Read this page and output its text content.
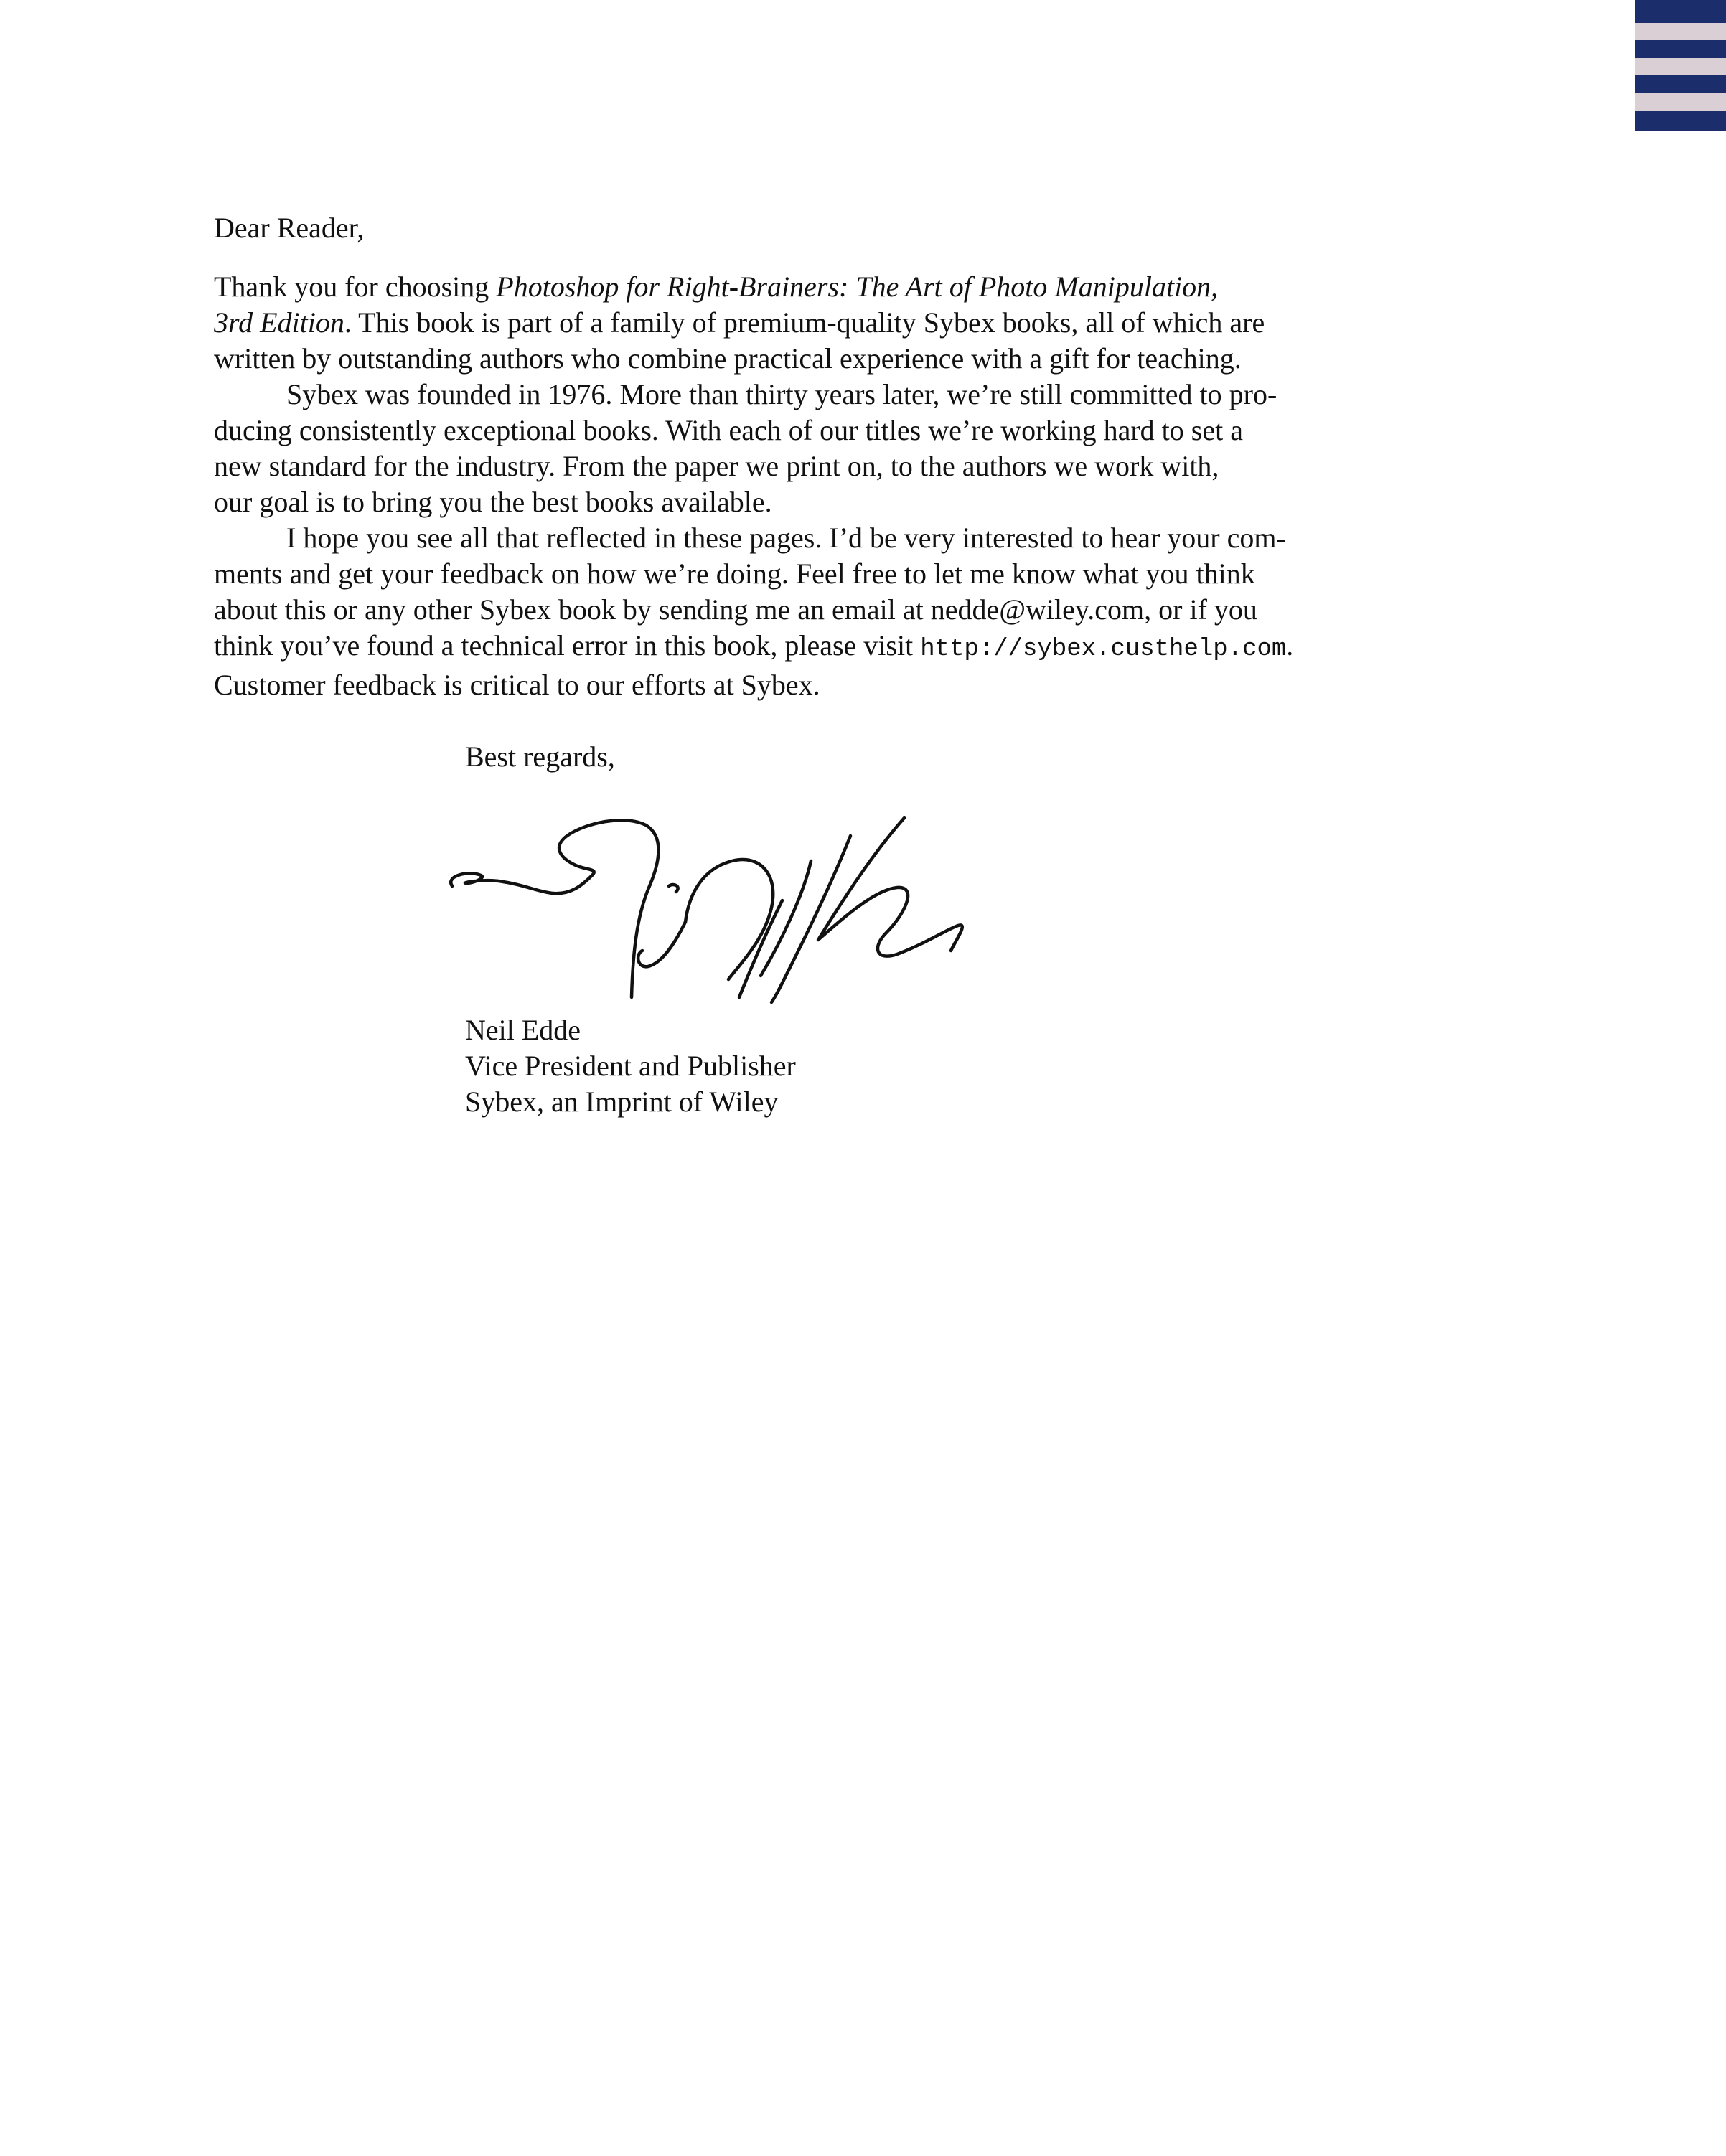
Dear Reader,

Thank you for choosing Photoshop for Right-Brainers: The Art of Photo Manipulation,
3rd Edition. This book is part of a family of premium-quality Sybex books, all of which are
written by outstanding authors who combine practical experience with a gift for teaching.

Sybex was founded in 1976. More than thirty years later, we’re still committed to pro-
ducing consistently exceptional books. With each of our titles we’re working hard to set a
new standard for the industry. From the paper we print on, to the authors we work with,
our goal is to bring you the best books available.

I hope you see all that reflected in these pages. I’d be very interested to hear your com-
ments and get your feedback on how we’re doing. Feel free to let me know what you think
about this or any other Sybex book by sending me an email at nedde@wiley.com, or if you
think you’ve found a technical error in this book, please visit http://sybex.custhelp.com.
Customer feedback is critical to our efforts at Sybex.

Best regards,
Neil Edde
Vice President and Publisher
Sybex, an Imprint of Wiley
